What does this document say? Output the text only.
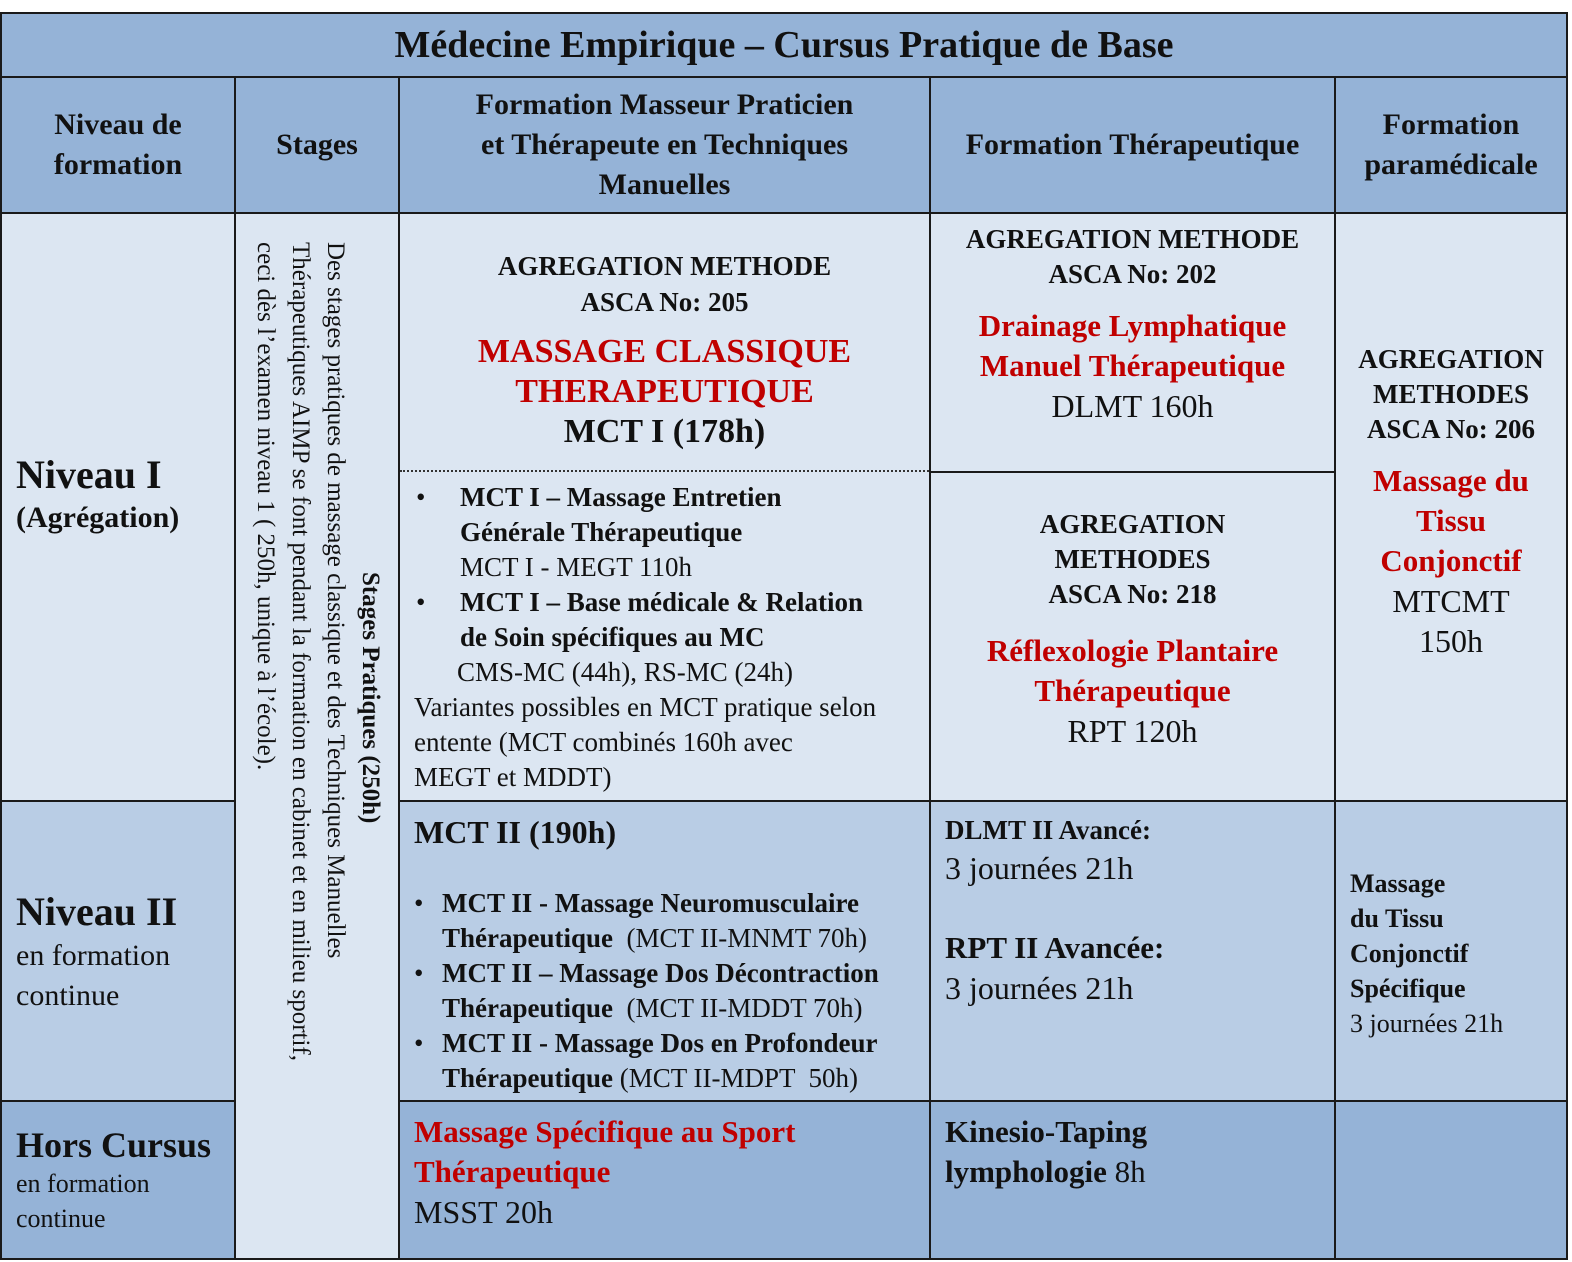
Médecine Empirique – Cursus Pratique de Base
Niveau de
formation
Stages
Formation Masseur Praticien
et Thérapeute en Techniques
Manuelles
Formation Thérapeutique
Formation
paramédicale
Niveau I
(Agrégation)
Niveau II
en formation
continue
Hors Cursus
en formation
continue
Stages Pratiques (250h)
Des stages pratiques de massage classique et des Techniques Manuelles
Thérapeutiques AIMP se font pendant la formation en cabinet et en milieu sportif,
ceci dès l’examen niveau 1 ( 250h, unique à l’école).	AGREGATION METHODE
ASCA No: 205
MASSAGE CLASSIQUE
THERAPEUTIQUE
MCT I (178h)
• MCT I – Massage Entretien
Générale Thérapeutique
MCT I - MEGT 110h
• MCT I – Base médicale & Relation
de Soin spécifiques au MC
CMS-MC (44h), RS-MC (24h)
Variantes possibles en MCT pratique selon
entente (MCT combinés 160h avec
MEGT et MDDT)
AGREGATION METHODE
ASCA No: 202
Drainage Lymphatique
Manuel Thérapeutique
DLMT 160h
AGREGATION
METHODES
ASCA No: 218
Réflexologie Plantaire
Thérapeutique
RPT 120h
AGREGATION
METHODES
ASCA No: 206
Massage du
Tissu
Conjonctif
MTCMT
150h
MCT II (190h)
• MCT II - Massage Neuromusculaire
Thérapeutique  (MCT II-MNMT 70h)
• MCT II – Massage Dos Décontraction
Thérapeutique  (MCT II-MDDT 70h)
• MCT II - Massage Dos en Profondeur
Thérapeutique (MCT II-MDPT  50h)
DLMT II Avancé:
3 journées 21h
RPT II Avancée:
3 journées 21h
Massage
du Tissu
Conjonctif
Spécifique
3 journées 21h
Massage Spécifique au Sport
Thérapeutique
MSST 20h
Kinesio-Taping
lymphologie 8h
